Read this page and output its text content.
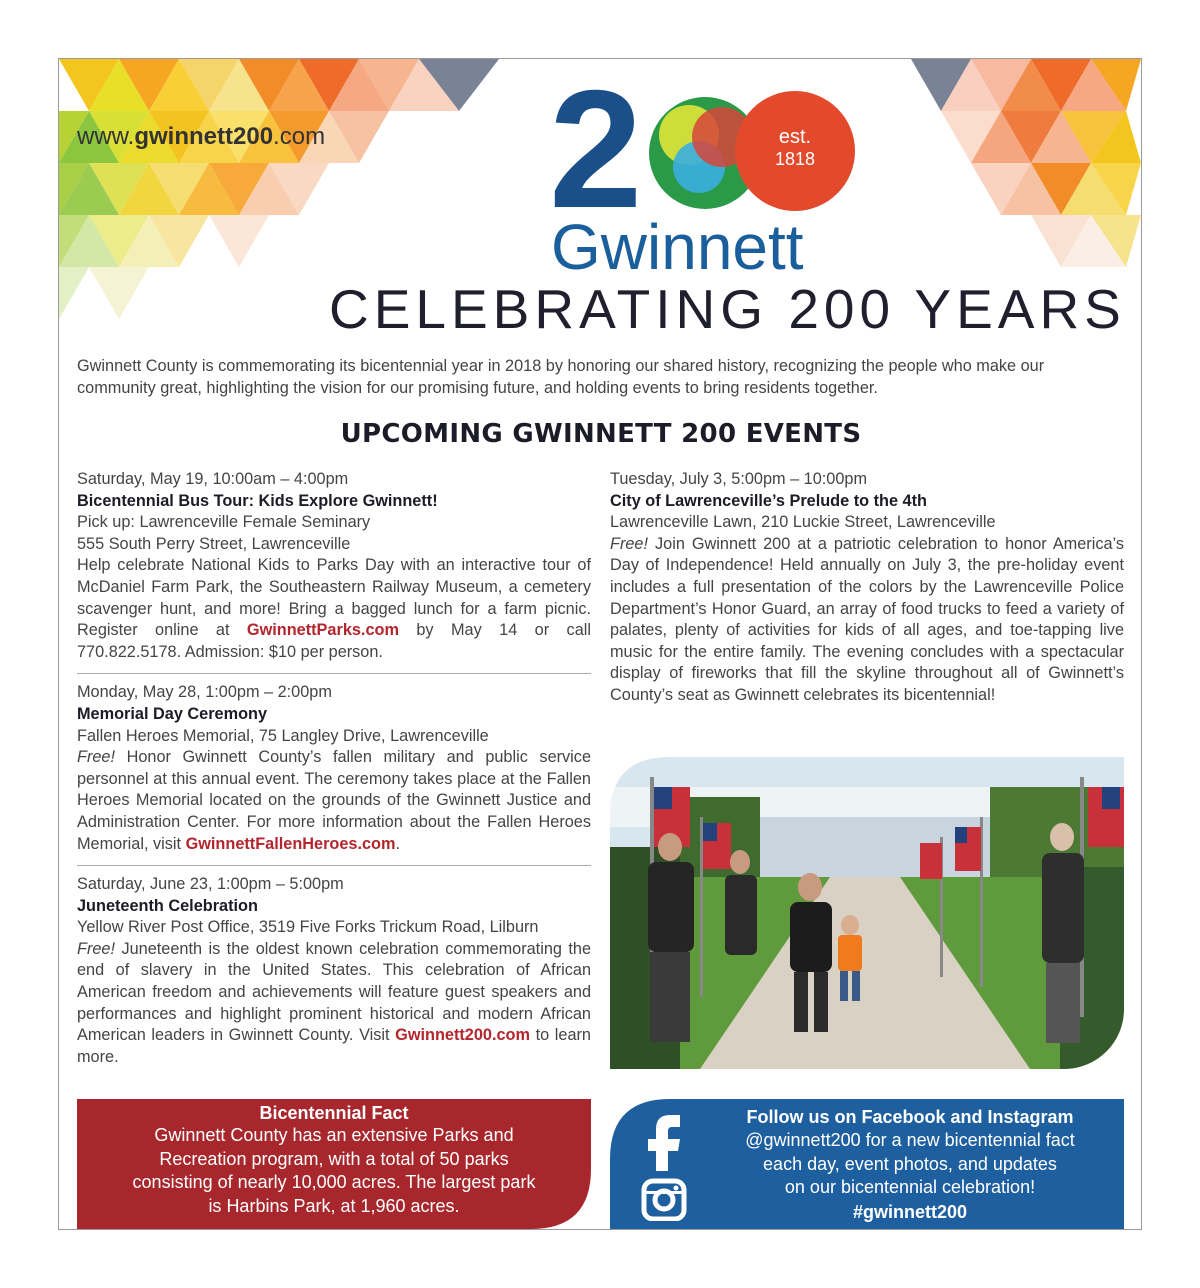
www.gwinnett200.com 2	est.
1818
Gwinnett
CELEBRATING 200 YEARS
Gwinnett County is commemorating its bicentennial year in 2018 by honoring our shared history, recognizing the people who make our community great, highlighting the vision for our promising future, and holding events to bring residents together.
UPCOMING GWINNETT 200 EVENTS
Saturday, May 19, 10:00am – 4:00pm
Bicentennial Bus Tour: Kids Explore Gwinnett!
Pick up: Lawrenceville Female Seminary
555 South Perry Street, Lawrenceville
Help celebrate National Kids to Parks Day with an interactive tour of McDaniel Farm Park, the Southeastern Railway Museum, a cemetery scavenger hunt, and more! Bring a bagged lunch for a farm picnic. Register online at GwinnettParks.com by May 14 or call 770.822.5178. Admission: $10 per person.
Monday, May 28, 1:00pm – 2:00pm
Memorial Day Ceremony
Fallen Heroes Memorial, 75 Langley Drive, Lawrenceville
Free! Honor Gwinnett County’s fallen military and public service personnel at this annual event. The ceremony takes place at the Fallen Heroes Memorial located on the grounds of the Gwinnett Justice and Administration Center. For more information about the Fallen Heroes Memorial, visit GwinnettFallenHeroes.com.
Saturday, June 23, 1:00pm – 5:00pm
Juneteenth Celebration
Yellow River Post Office, 3519 Five Forks Trickum Road, Lilburn
Free! Juneteenth is the oldest known celebration commemorating the end of slavery in the United States. This celebration of African American freedom and achievements will feature guest speakers and performances and highlight prominent historical and modern African American leaders in Gwinnett County. Visit Gwinnett200.com to learn more.
Tuesday, July 3, 5:00pm – 10:00pm
City of Lawrenceville’s Prelude to the 4th
Lawrenceville Lawn, 210 Luckie Street, Lawrenceville
Free! Join Gwinnett 200 at a patriotic celebration to honor America’s Day of Independence! Held annually on July 3, the pre-holiday event includes a full presentation of the colors by the Lawrenceville Police Department’s Honor Guard, an array of food trucks to feed a variety of palates, plenty of activities for kids of all ages, and toe-tapping live music for the entire family. The evening concludes with a spectacular display of fireworks that fill the skyline throughout all of Gwinnett’s County’s seat as Gwinnett celebrates its bicentennial!
Bicentennial Fact
Gwinnett County has an extensive Parks and
Recreation program, with a total of 50 parks
consisting of nearly 10,000 acres. The largest park
is Harbins Park, at 1,960 acres.
Follow us on Facebook and Instagram
@gwinnett200 for a new bicentennial fact
each day, event photos, and updates
on our bicentennial celebration!
#gwinnett200
